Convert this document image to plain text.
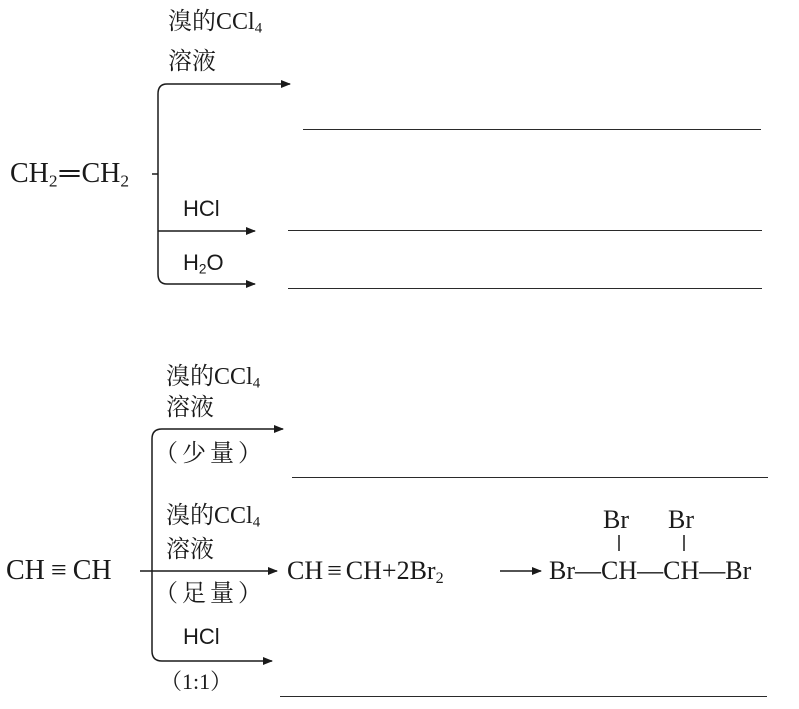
$CH_2═CH_2$
溴的CCl$_4$
溶液
HCl
$H_2O$
CH ≡ CH
溴的CCl$_4$
溶液
（少量）
溴的CCl$_4$
溶液
（足量）
HCl
（1:1）
CH ≡ $CH+2Br_2$
Br Br
Br—CH—CH—Br
